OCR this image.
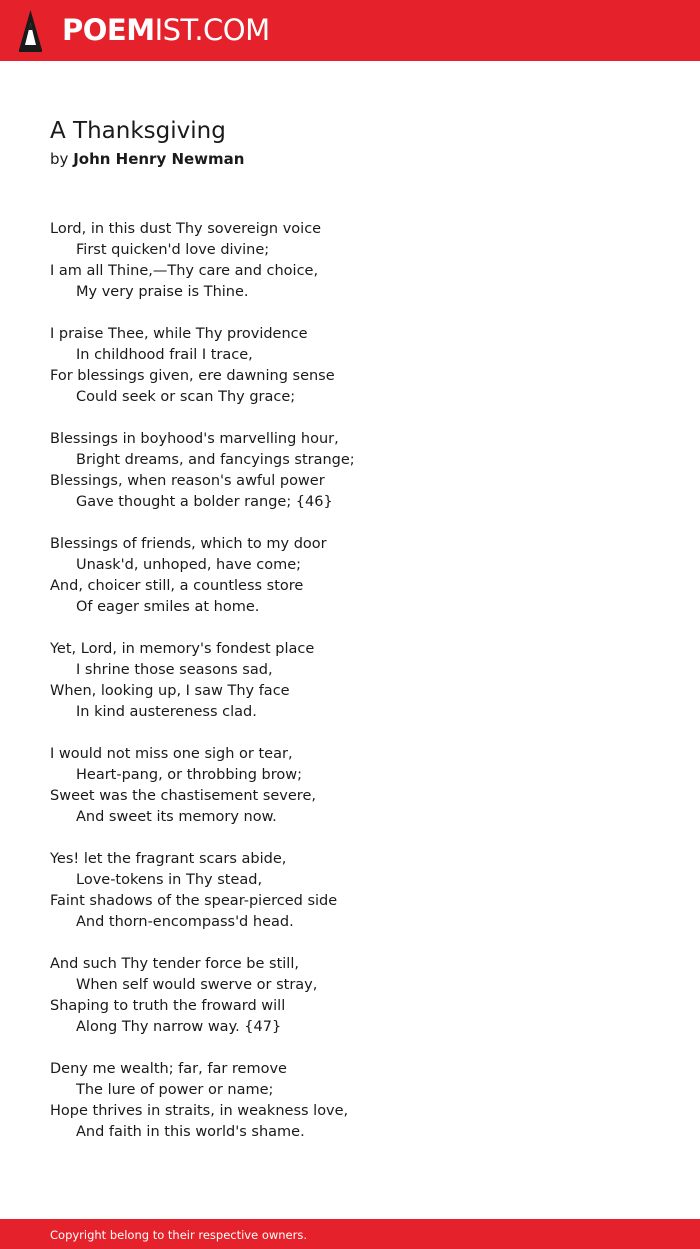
POEMIST.COM
A Thanksgiving
by John Henry Newman
Lord, in this dust Thy sovereign voice
First quicken'd love divine;
I am all Thine,—Thy care and choice,
My very praise is Thine.
I praise Thee, while Thy providence
In childhood frail I trace,
For blessings given, ere dawning sense
Could seek or scan Thy grace;
Blessings in boyhood's marvelling hour,
Bright dreams, and fancyings strange;
Blessings, when reason's awful power
Gave thought a bolder range; {46}
Blessings of friends, which to my door
Unask'd, unhoped, have come;
And, choicer still, a countless store
Of eager smiles at home.
Yet, Lord, in memory's fondest place
I shrine those seasons sad,
When, looking up, I saw Thy face
In kind austereness clad.
I would not miss one sigh or tear,
Heart-pang, or throbbing brow;
Sweet was the chastisement severe,
And sweet its memory now.
Yes! let the fragrant scars abide,
Love-tokens in Thy stead,
Faint shadows of the spear-pierced side
And thorn-encompass'd head.
And such Thy tender force be still,
When self would swerve or stray,
Shaping to truth the froward will
Along Thy narrow way. {47}
Deny me wealth; far, far remove
The lure of power or name;
Hope thrives in straits, in weakness love,
And faith in this world's shame.
Copyright belong to their respective owners.
